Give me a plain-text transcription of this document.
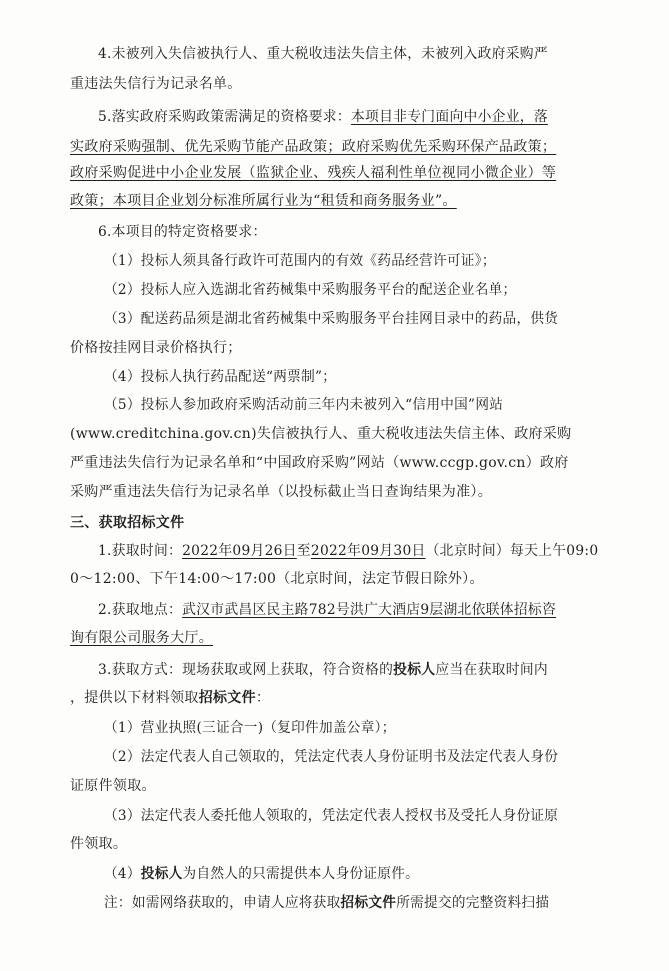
4.未被列入失信被执行人、重大税收违法失信主体，未被列入政府采购严
重违法失信行为记录名单。
5.落实政府采购政策需满足的资格要求：本项目非专门面向中小企业，落
实政府采购强制、优先采购节能产品政策；政府采购优先采购环保产品政策；
政府采购促进中小企业发展（监狱企业、残疾人福利性单位视同小微企业）等
政策；本项目企业划分标准所属行业为“租赁和商务服务业”。
6.本项目的特定资格要求：
（1）投标人须具备行政许可范围内的有效《药品经营许可证》；
（2）投标人应入选湖北省药械集中采购服务平台的配送企业名单；
（3）配送药品须是湖北省药械集中采购服务平台挂网目录中的药品，供货
价格按挂网目录价格执行；
（4）投标人执行药品配送“两票制”；
（5）投标人参加政府采购活动前三年内未被列入“信用中国”网站
(www.creditchina.gov.cn)失信被执行人、重大税收违法失信主体、政府采购
严重违法失信行为记录名单和“中国政府采购”网站（www.ccgp.gov.cn）政府
采购严重违法失信行为记录名单（以投标截止当日查询结果为准）。
三、获取招标文件
1.获取时间：2022年09月26日至2022年09月30日（北京时间）每天上午09:0
0～12:00、下午14:00～17:00（北京时间，法定节假日除外）。
2.获取地点：武汉市武昌区民主路782号洪广大酒店9层湖北依联体招标咨
询有限公司服务大厅。
3.获取方式：现场获取或网上获取，符合资格的投标人应当在获取时间内
，提供以下材料领取招标文件：
（1）营业执照(三证合一)（复印件加盖公章）；
（2）法定代表人自己领取的，凭法定代表人身份证明书及法定代表人身份
证原件领取。
（3）法定代表人委托他人领取的，凭法定代表人授权书及受托人身份证原
件领取。
（4）投标人为自然人的只需提供本人身份证原件。
注：如需网络获取的，申请人应将获取招标文件所需提交的完整资料扫描
